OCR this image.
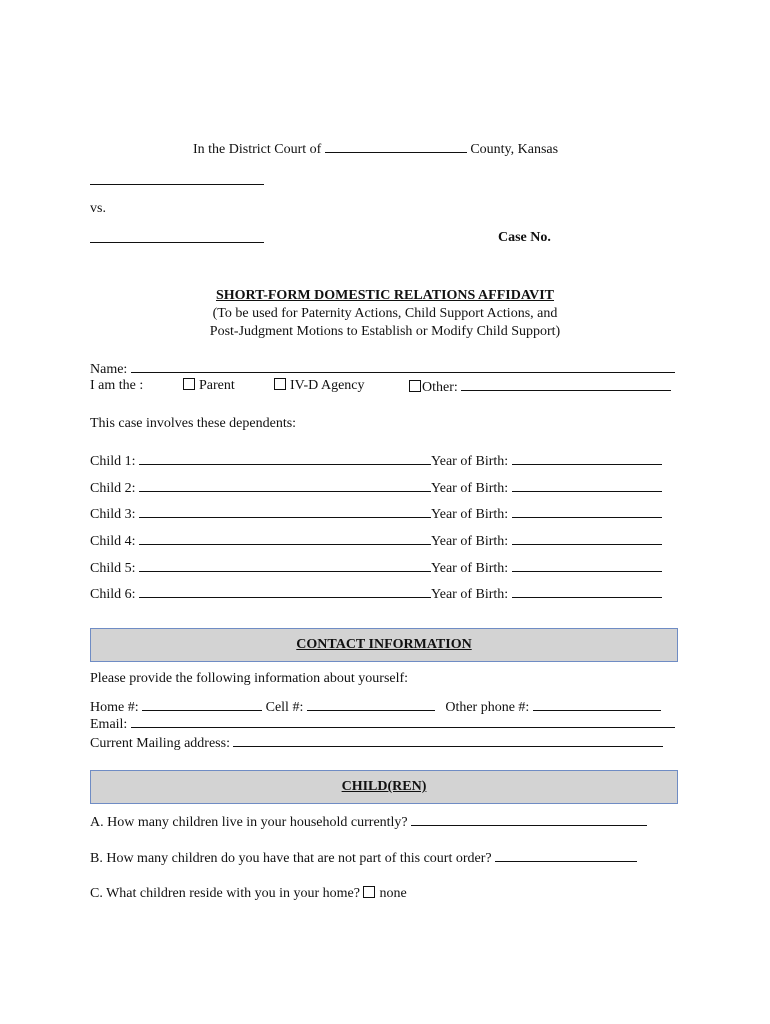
In the District Court of	County, Kansas
vs.
Case No.
SHORT-FORM DOMESTIC RELATIONS AFFIDAVIT
(To be used for Paternity Actions, Child Support Actions, and
Post-Judgment Motions to Establish or Modify Child Support)
Name:
I am the :	Parent	IV-D Agency	Other:
This case involves these dependents:
Child 1:	Year of Birth:
Child 2:	Year of Birth:
Child 3:	Year of Birth:
Child 4:	Year of Birth:
Child 5:	Year of Birth:
Child 6:	Year of Birth:
CONTACT INFORMATION
Please provide the following information about yourself:
Home #:	Cell #:	Other phone #:
Email:
Current Mailing address:
CHILD(REN)
A. How many children live in your household currently?
B. How many children do you have that are not part of this court order?
C. What children reside with you in your home? none
